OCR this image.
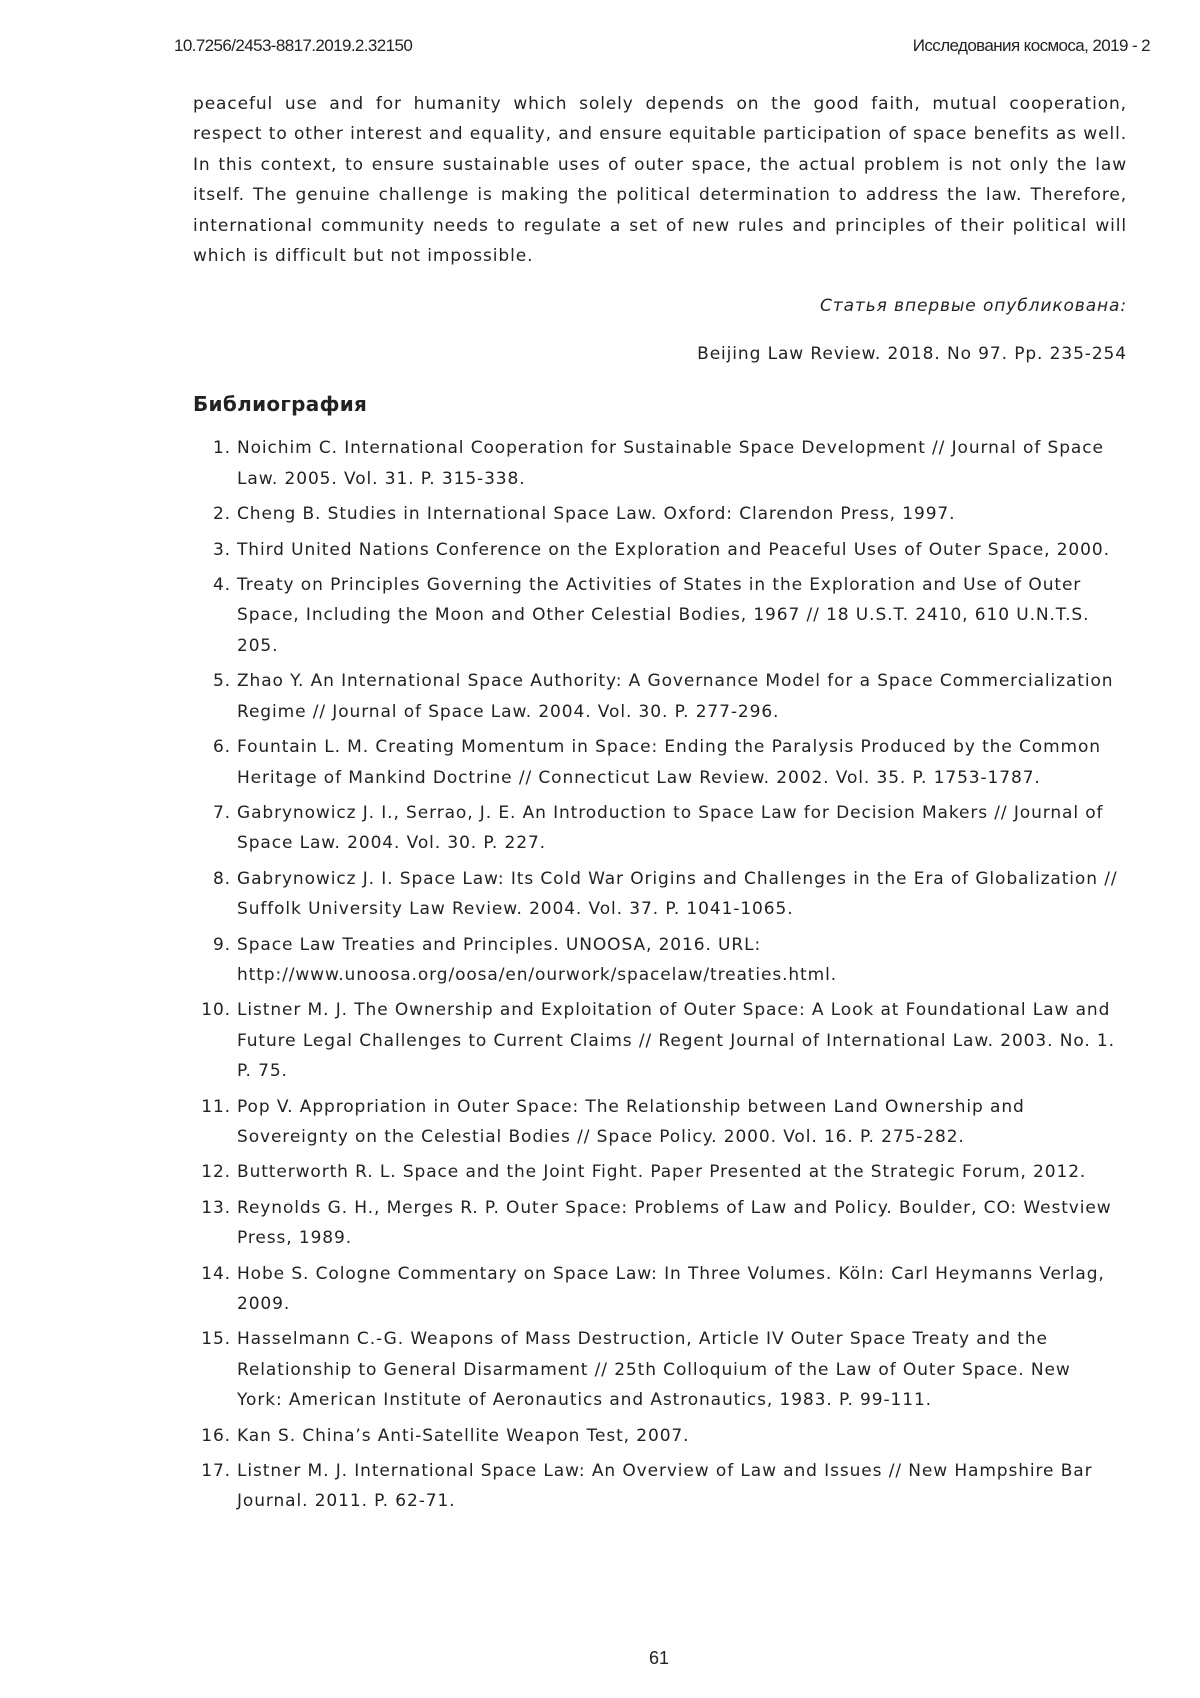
10.7256/2453-8817.2019.2.32150	Исследования космоса, 2019 - 2

peaceful use and for humanity which solely depends on the good faith, mutual cooperation, respect to other interest and equality, and ensure equitable participation of space benefits as well. In this context, to ensure sustainable uses of outer space, the actual problem is not only the law itself. The genuine challenge is making the political determination to address the law. Therefore, international community needs to regulate a set of new rules and principles of their political will which is difficult but not impossible.

Статья впервые опубликована:

Beijing Law Review. 2018. No 97. Pp. 235-254

Библиография
1. Noichim C. International Cooperation for Sustainable Space Development // Journal of Space Law. 2005. Vol. 31. P. 315-338.
2. Cheng B. Studies in International Space Law. Oxford: Clarendon Press, 1997.
3. Third United Nations Conference on the Exploration and Peaceful Uses of Outer Space, 2000.
4. Treaty on Principles Governing the Activities of States in the Exploration and Use of Outer Space, Including the Moon and Other Celestial Bodies, 1967 // 18 U.S.T. 2410, 610 U.N.T.S. 205.
5. Zhao Y. An International Space Authority: A Governance Model for a Space Commercialization Regime // Journal of Space Law. 2004. Vol. 30. P. 277-296.
6. Fountain L. M. Creating Momentum in Space: Ending the Paralysis Produced by the Common Heritage of Mankind Doctrine // Connecticut Law Review. 2002. Vol. 35. P. 1753-1787.
7. Gabrynowicz J. I., Serrao, J. E. An Introduction to Space Law for Decision Makers // Journal of Space Law. 2004. Vol. 30. P. 227.
8. Gabrynowicz J. I. Space Law: Its Cold War Origins and Challenges in the Era of Globalization // Suffolk University Law Review. 2004. Vol. 37. P. 1041-1065.
9. Space Law Treaties and Principles. UNOOSA, 2016. URL: http://www.unoosa.org/oosa/en/ourwork/spacelaw/treaties.html.
10. Listner M. J. The Ownership and Exploitation of Outer Space: A Look at Foundational Law and Future Legal Challenges to Current Claims // Regent Journal of International Law. 2003. No. 1. P. 75.
11. Pop V. Appropriation in Outer Space: The Relationship between Land Ownership and Sovereignty on the Celestial Bodies // Space Policy. 2000. Vol. 16. P. 275-282.
12. Butterworth R. L. Space and the Joint Fight. Paper Presented at the Strategic Forum, 2012.
13. Reynolds G. H., Merges R. P. Outer Space: Problems of Law and Policy. Boulder, CO: Westview Press, 1989.
14. Hobe S. Cologne Commentary on Space Law: In Three Volumes. Köln: Carl Heymanns Verlag, 2009.
15. Hasselmann C.-G. Weapons of Mass Destruction, Article IV Outer Space Treaty and the Relationship to General Disarmament // 25th Colloquium of the Law of Outer Space. New York: American Institute of Aeronautics and Astronautics, 1983. P. 99-111.
16. Kan S. China’s Anti-Satellite Weapon Test, 2007.
17. Listner M. J. International Space Law: An Overview of Law and Issues // New Hampshire Bar Journal. 2011. P. 62-71.
61
